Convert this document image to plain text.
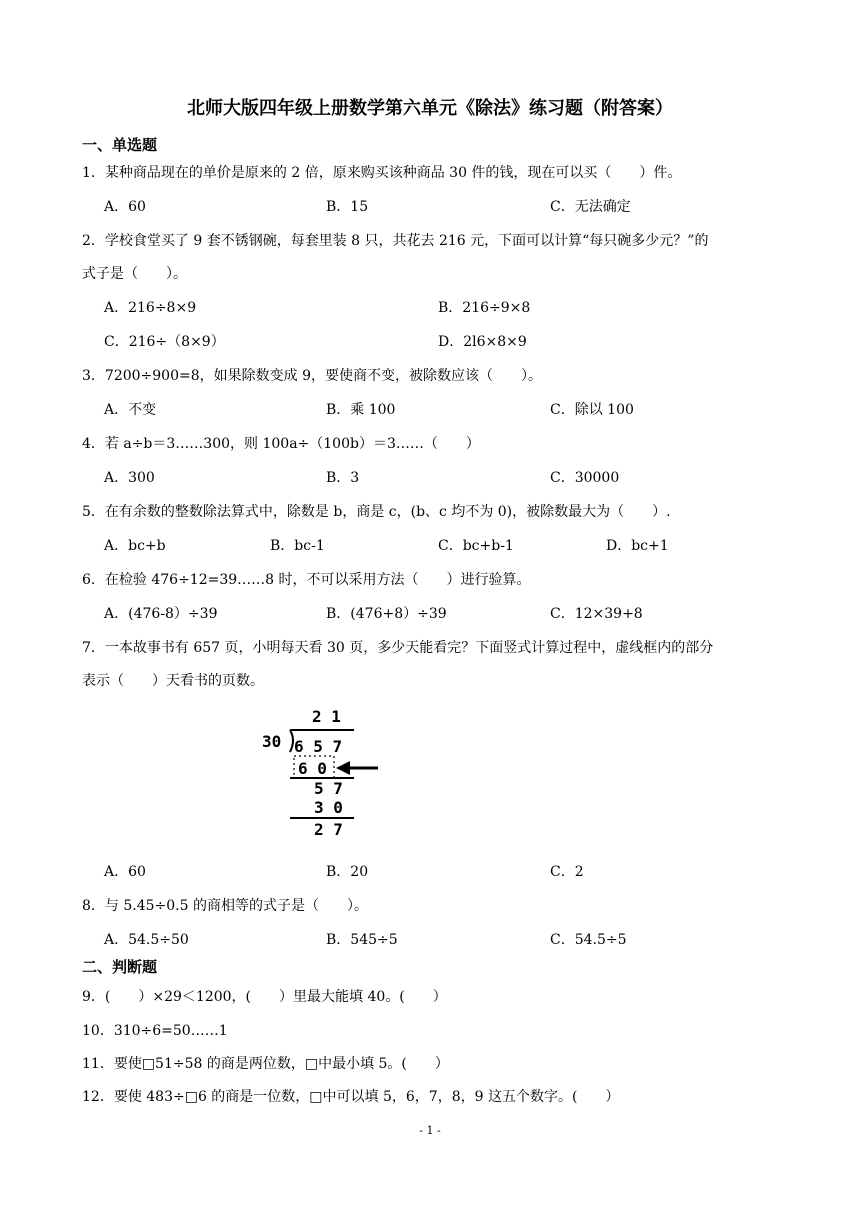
北师大版四年级上册数学第六单元《除法》练习题（附答案）
一、单选题
1．某种商品现在的单价是原来的 2 倍，原来购买该种商品 30 件的钱，现在可以买（　　）件。
A．60	B．15	C．无法确定
2．学校食堂买了 9 套不锈钢碗，每套里装 8 只，共花去 216 元，下面可以计算“每只碗多少元？”的
式子是（　　）。
A．216÷8×9	B．216÷9×8
C．216÷（8×9）	D．2l6×8×9
3．7200÷900=8，如果除数变成 9，要使商不变，被除数应该（　　）。
A．不变	B．乘 100	C．除以 100
4．若 a÷b＝3……300，则 100a÷（100b）＝3……（　　）
A．300	B．3	C．30000
5．在有余数的整数除法算式中，除数是 b，商是 c，(b、c 均不为 0)，被除数最大为（　　）.
A．bc+b	B．bc-1	C．bc+b-1	D．bc+1
6．在检验 476÷12=39……8 时，不可以采用方法（　　）进行验算。
A．(476-8）÷39	B．(476+8）÷39	C．12×39+8
7．一本故事书有 657 页，小明每天看 30 页，多少天能看完？下面竖式计算过程中，虚线框内的部分
表示（　　）天看书的页数。
2 1
30 6 5 7
6 0
5 7
3 0
2 7
A．60	B．20	C．2
8．与 5.45÷0.5 的商相等的式子是（　　）。
A．54.5÷50	B．545÷5	C．54.5÷5
二、判断题
9．(　　）×29＜1200，(　　）里最大能填 40。(　　）
10．310÷6=50……1
11．要使□51÷58 的商是两位数，□中最小填 5。(　　）
12．要使 483÷□6 的商是一位数，□中可以填 5，6，7，8，9 这五个数字。(　　）
- 1 -
